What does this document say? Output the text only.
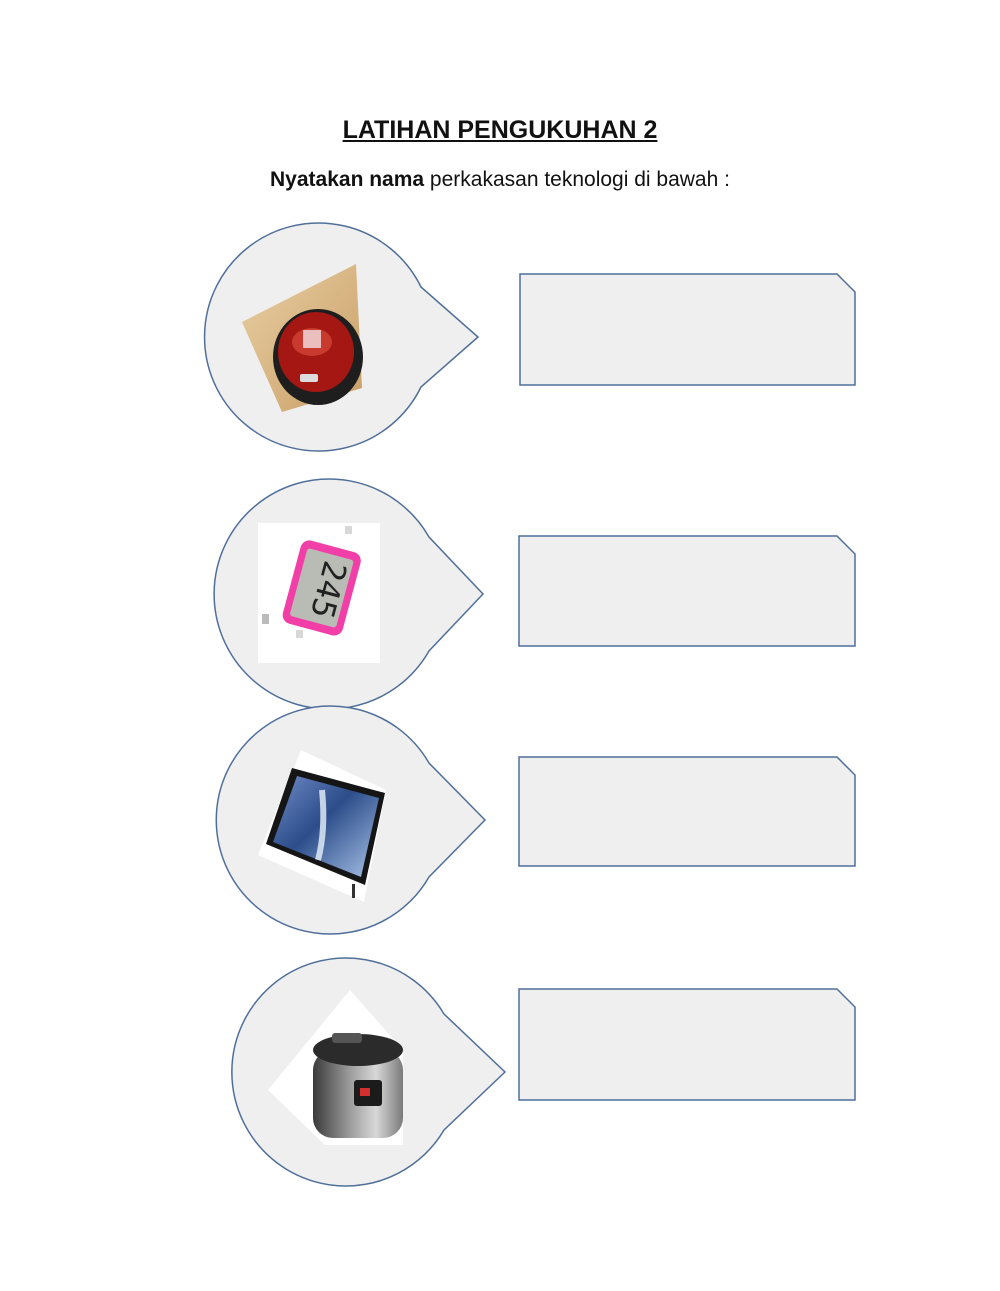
LATIHAN PENGUKUHAN 2

Nyatakan nama perkakasan teknologi di bawah :

245
